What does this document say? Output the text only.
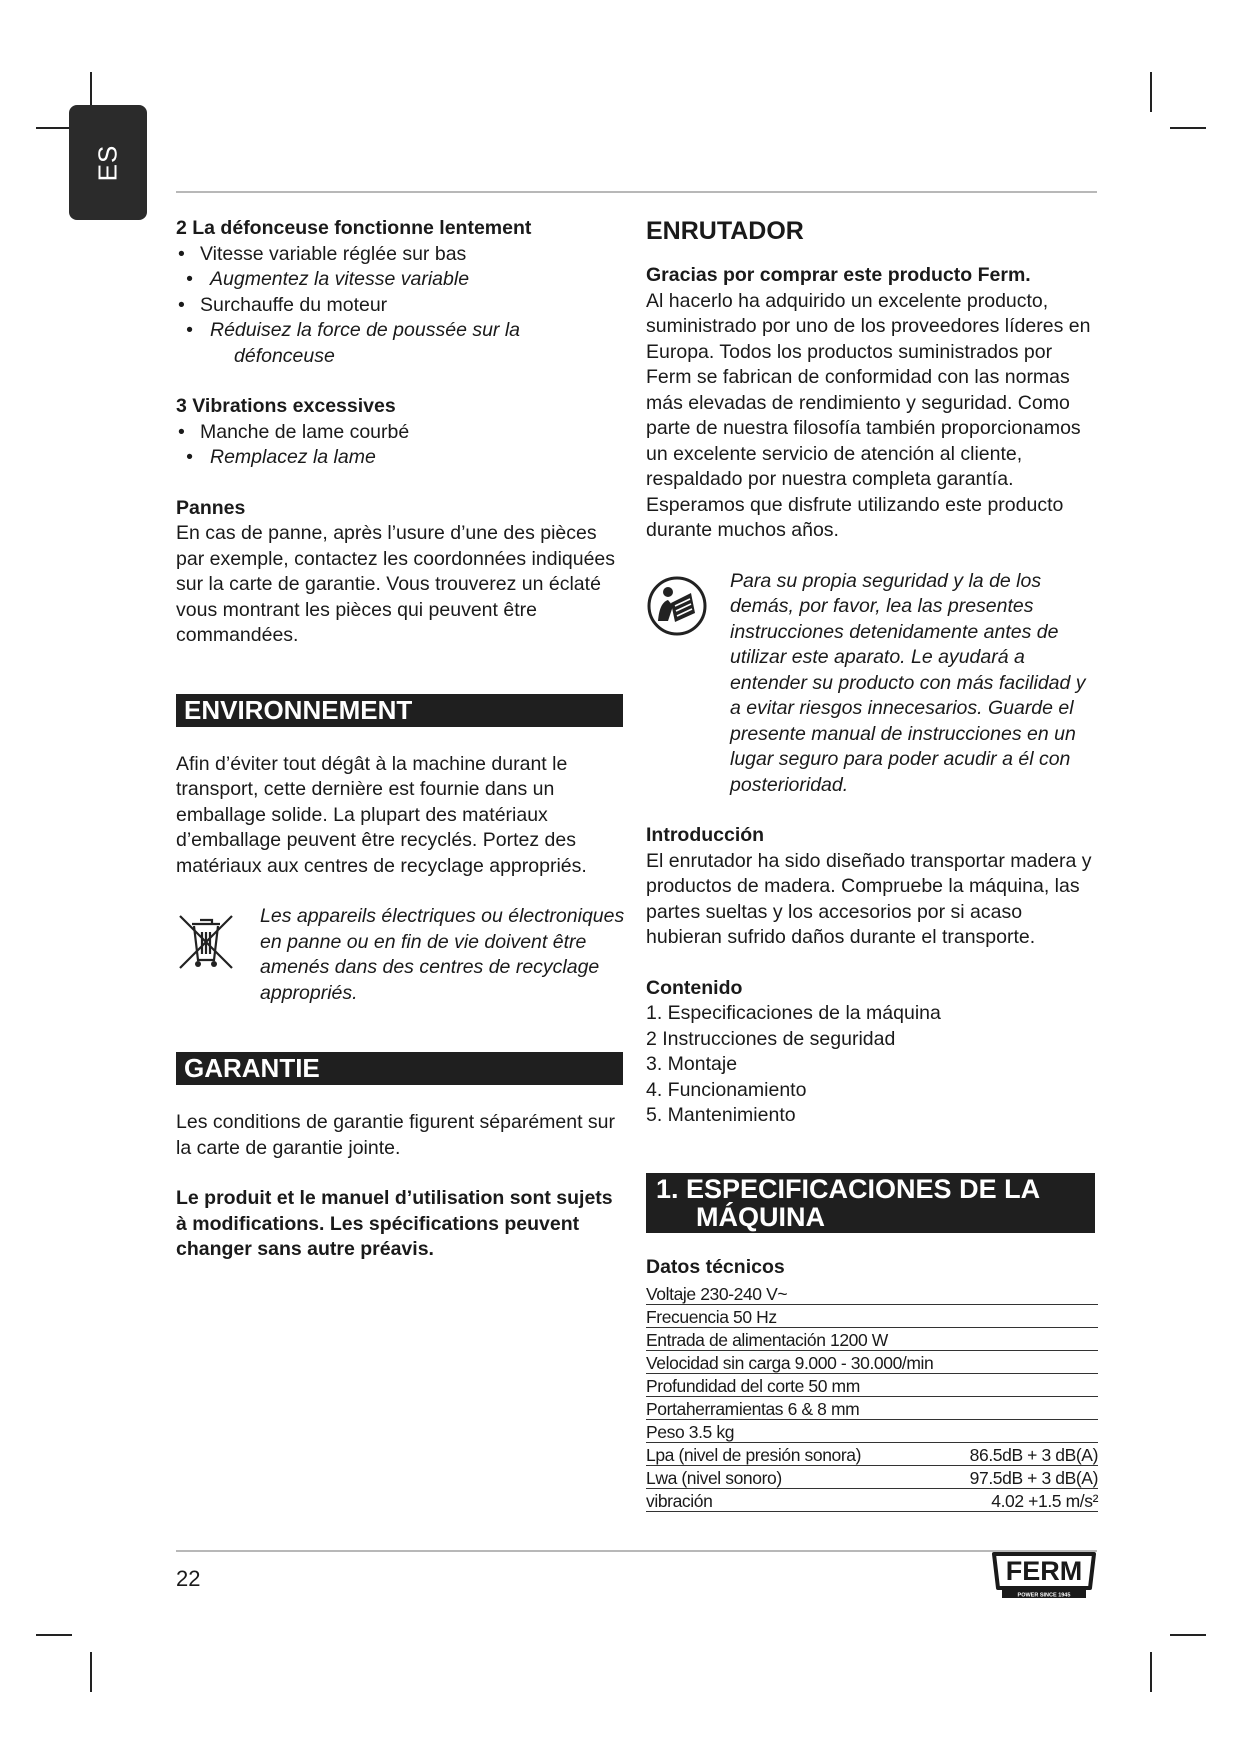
ES

2 La défonceuse fonctionne lentement

• Vitesse variable réglée sur bas
• Augmentez la vitesse variable
• Surchauffe du moteur
• Réduisez la force de poussée sur la
défonceuse

3 Vibrations excessives

• Manche de lame courbé
• Remplacez la lame

Pannes

En cas de panne, après l’usure d’une des pièces par exemple, contactez les coordonnées indiquées sur la carte de garantie. Vous trouverez un éclaté vous montrant les pièces qui peuvent être commandées.

ENVIRONNEMENT

Afin d’éviter tout dégât à la machine durant le transport, cette dernière est fournie dans un emballage solide. La plupart des matériaux d’emballage peuvent être recyclés. Portez des matériaux aux centres de recyclage appropriés.

Les appareils électriques ou électroniques en panne ou en fin de vie doivent être amenés dans des centres de recyclage appropriés.

GARANTIE

Les conditions de garantie figurent séparément sur la carte de garantie jointe.

Le produit et le manuel d’utilisation sont sujets à modifications. Les spécifications peuvent changer sans autre préavis.

ENRUTADOR

Gracias por comprar este producto Ferm.

Al hacerlo ha adquirido un excelente producto, suministrado por uno de los proveedores líderes en Europa. Todos los productos suministrados por Ferm se fabrican de conformidad con las normas más elevadas de rendimiento y seguridad. Como parte de nuestra filosofía también proporcionamos un excelente servicio de atención al cliente, respaldado por nuestra completa garantía. Esperamos que disfrute utilizando este producto durante muchos años.

Para su propia seguridad y la de los demás, por favor, lea las presentes instrucciones detenidamente antes de utilizar este aparato. Le ayudará a entender su producto con más facilidad y a evitar riesgos innecesarios. Guarde el presente manual de instrucciones en un lugar seguro para poder acudir a él con posterioridad.

Introducción

El enrutador ha sido diseñado transportar madera y productos de madera. Compruebe la máquina, las partes sueltas y los accesorios por si acaso hubieran sufrido daños durante el transporte.

Contenido

1. Especificaciones de la máquina
2 Instrucciones de seguridad
3. Montaje
4. Funcionamiento
5. Mantenimiento
1. ESPECIFICACIONES DE LA
MÁQUINA

Datos técnicos

Voltaje 230-240 V~	
Frecuencia 50 Hz	
Entrada de alimentación 1200 W	
Velocidad sin carga 9.000 - 30.000/min	
Profundidad del corte 50 mm	
Portaherramientas 6 & 8 mm	
Peso 3.5 kg	
Lpa (nivel de presión sonora)	86.5dB + 3 dB(A)
Lwa (nivel sonoro)	97.5dB + 3 dB(A)
vibración	4.02 +1.5 m/s²
22	FERM
POWER SINCE 1945
